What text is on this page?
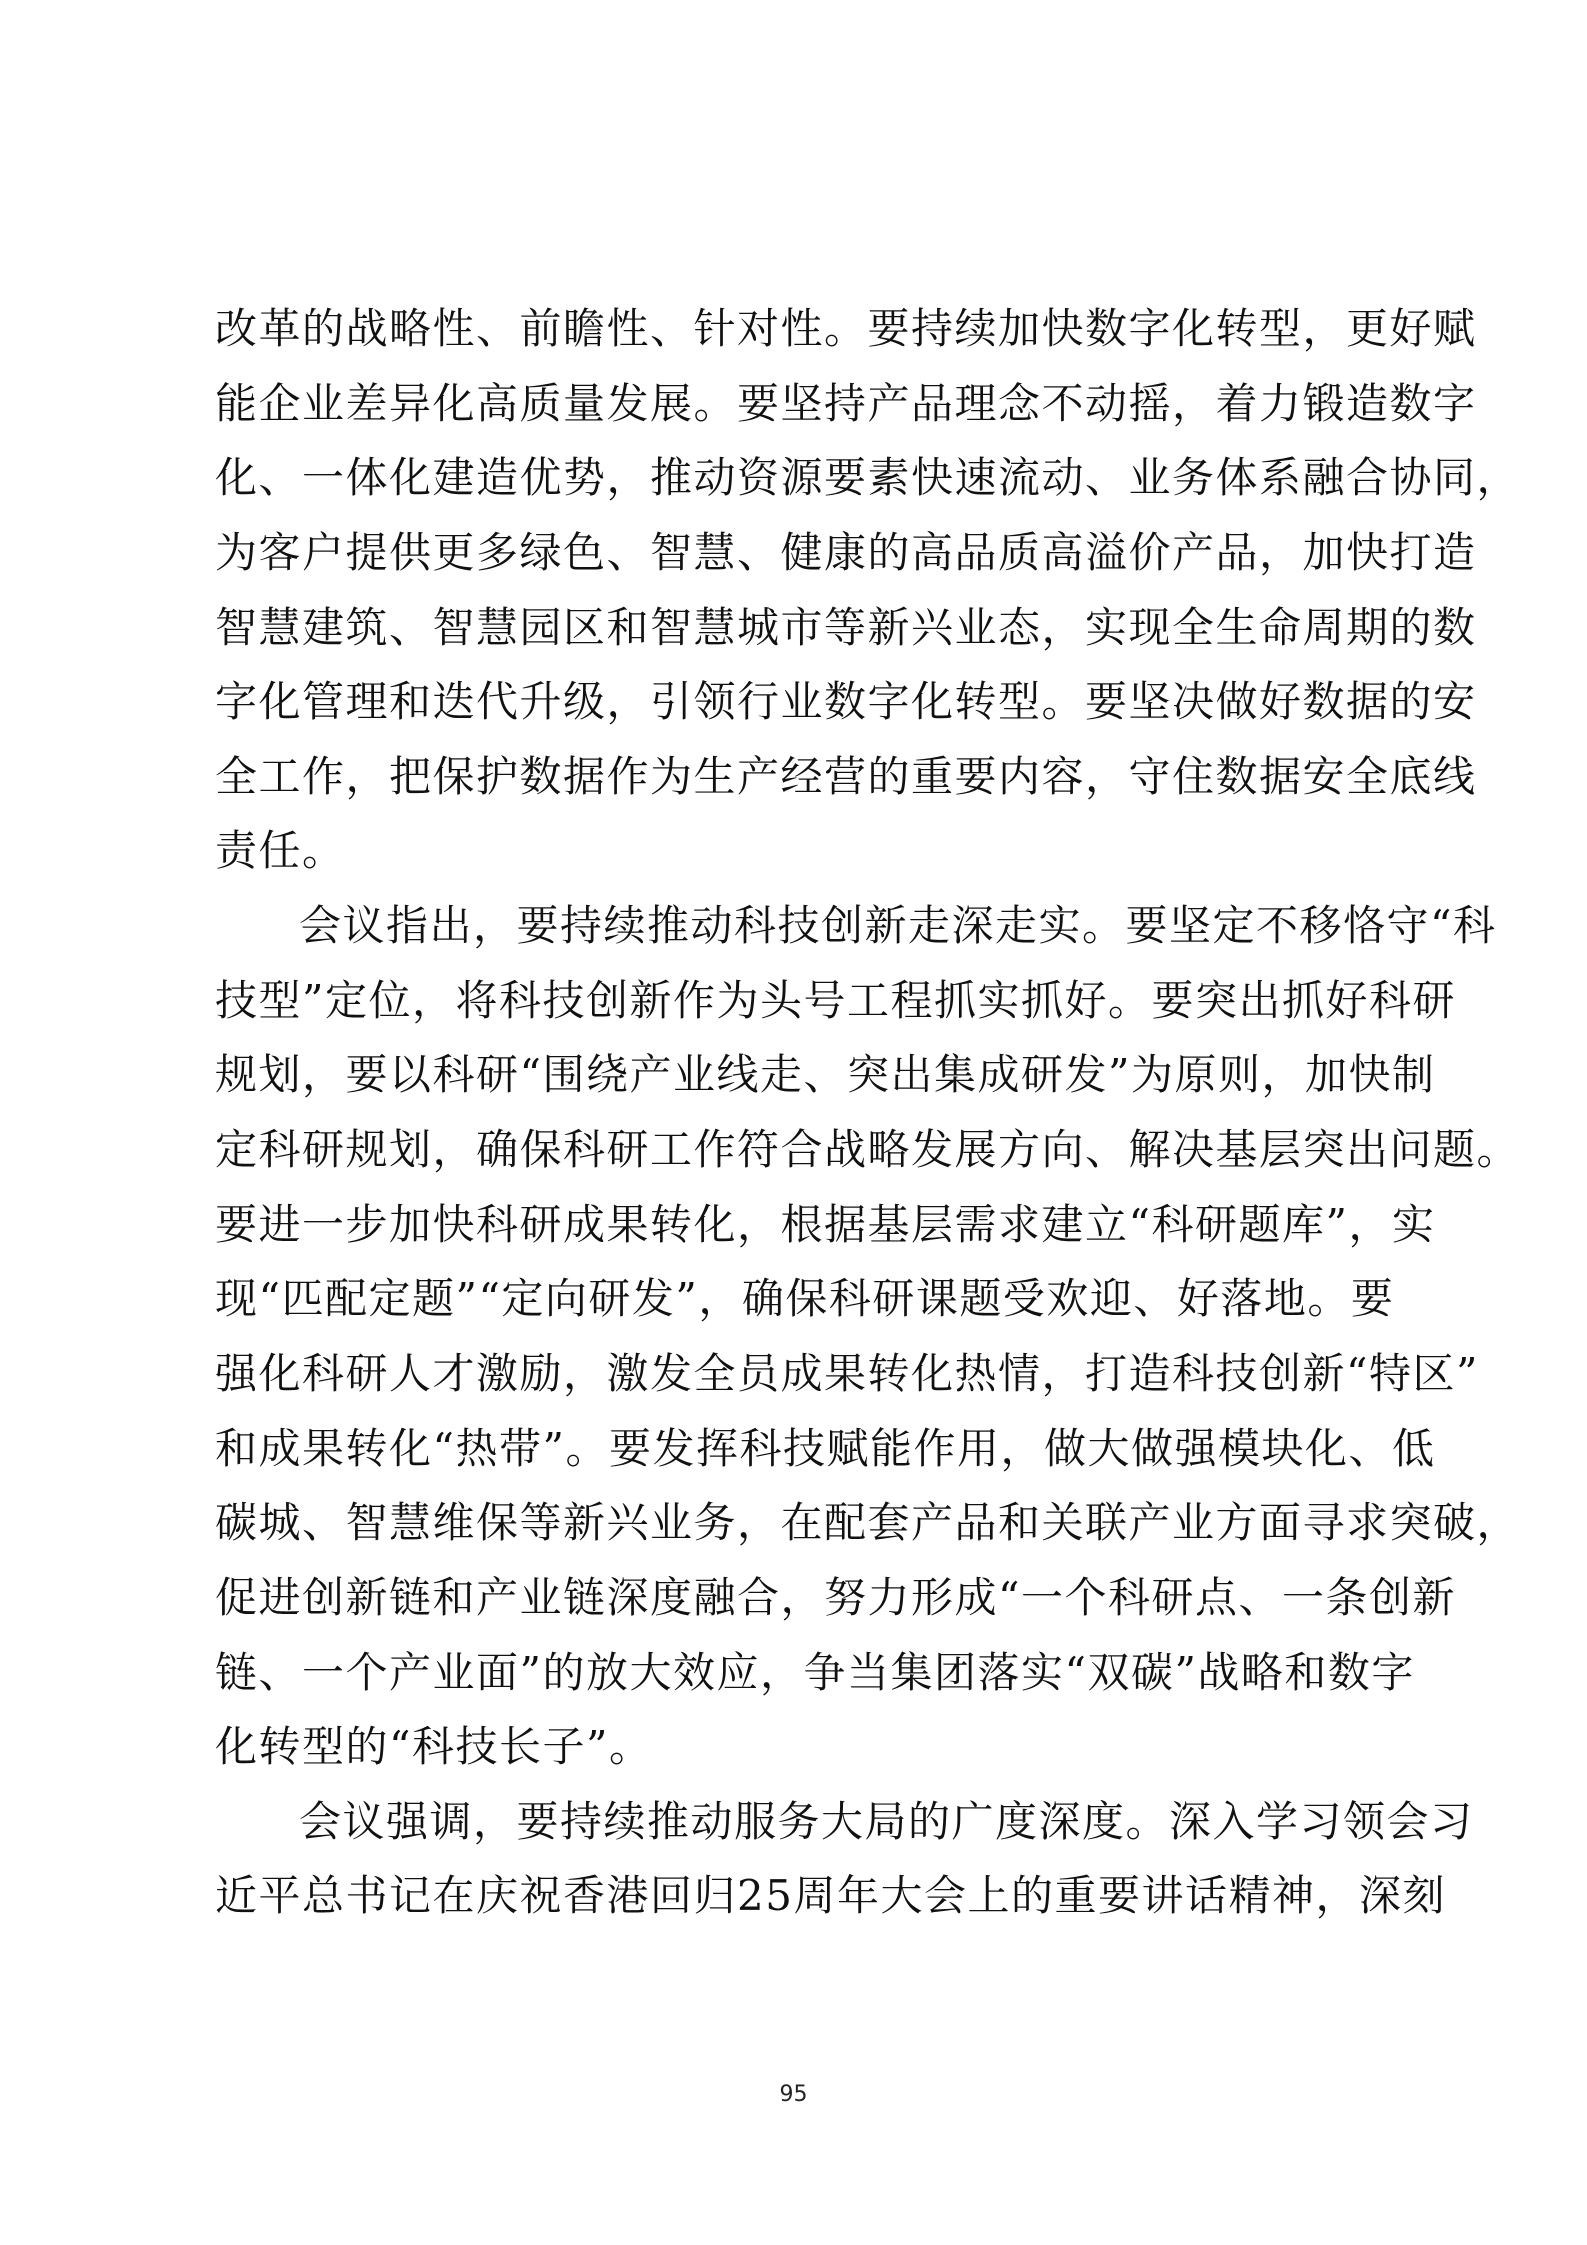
改革的战略性、前瞻性、针对性。要持续加快数字化转型，更好赋
能企业差异化高质量发展。要坚持产品理念不动摇，着力锻造数字
化、一体化建造优势，推动资源要素快速流动、业务体系融合协同，
为客户提供更多绿色、智慧、健康的高品质高溢价产品，加快打造
智慧建筑、智慧园区和智慧城市等新兴业态，实现全生命周期的数
字化管理和迭代升级，引领行业数字化转型。要坚决做好数据的安
全工作，把保护数据作为生产经营的重要内容，守住数据安全底线
责任。
会议指出，要持续推动科技创新走深走实。要坚定不移恪守“科
技型”定位，将科技创新作为头号工程抓实抓好。要突出抓好科研
规划，要以科研“围绕产业线走、突出集成研发”为原则，加快制
定科研规划，确保科研工作符合战略发展方向、解决基层突出问题。
要进一步加快科研成果转化，根据基层需求建立“科研题库”，实
现“匹配定题”“定向研发”，确保科研课题受欢迎、好落地。要
强化科研人才激励，激发全员成果转化热情，打造科技创新“特区”
和成果转化“热带”。要发挥科技赋能作用，做大做强模块化、低
碳城、智慧维保等新兴业务，在配套产品和关联产业方面寻求突破，
促进创新链和产业链深度融合，努力形成“一个科研点、一条创新
链、一个产业面”的放大效应，争当集团落实“双碳”战略和数字
化转型的“科技长子”。
会议强调，要持续推动服务大局的广度深度。深入学习领会习
近平总书记在庆祝香港回归25周年大会上的重要讲话精神，深刻
95
